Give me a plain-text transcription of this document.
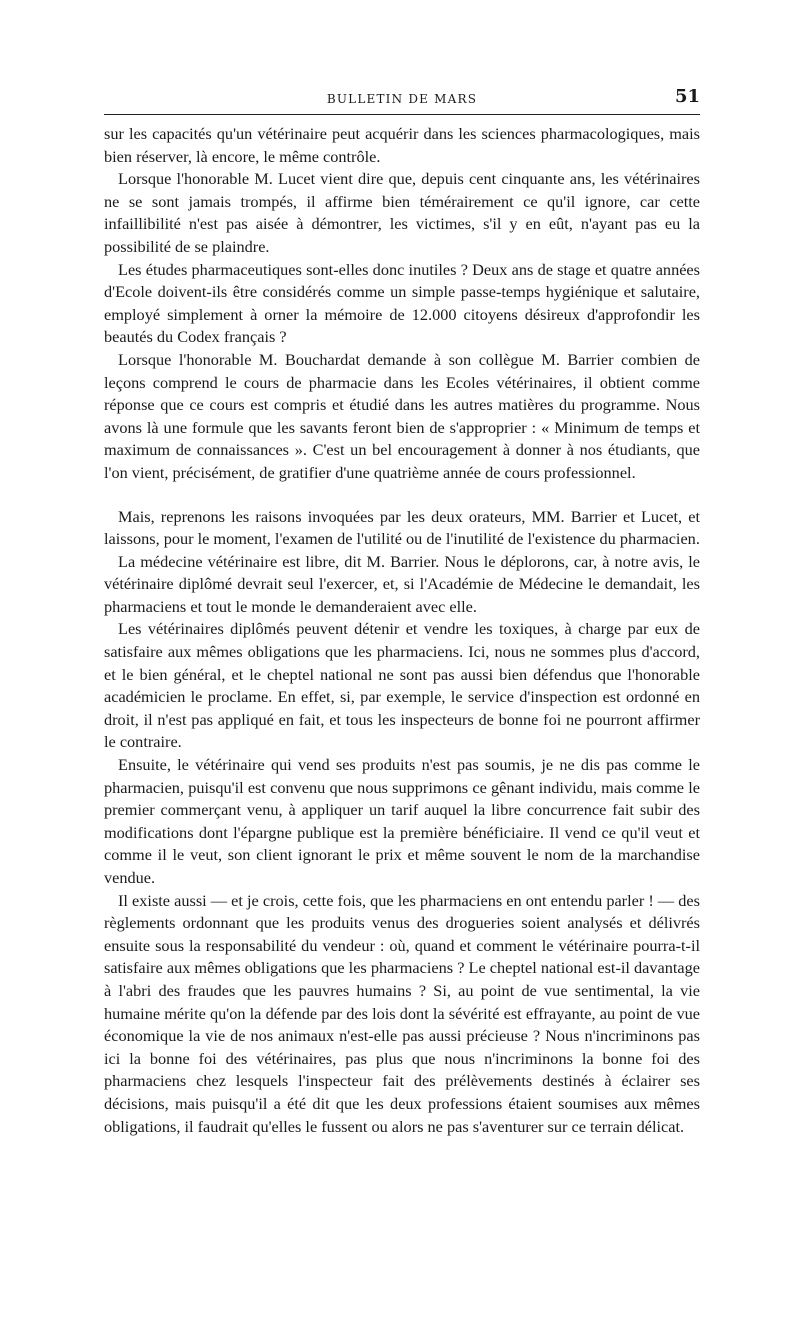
BULLETIN DE MARS	51

sur les capacités qu'un vétérinaire peut acquérir dans les sciences pharmacologiques, mais bien réserver, là encore, le même contrôle.

Lorsque l'honorable M. Lucet vient dire que, depuis cent cinquante ans, les vétérinaires ne se sont jamais trompés, il affirme bien témérairement ce qu'il ignore, car cette infaillibilité n'est pas aisée à démontrer, les victimes, s'il y en eût, n'ayant pas eu la possibilité de se plaindre.

Les études pharmaceutiques sont-elles donc inutiles ? Deux ans de stage et quatre années d'Ecole doivent-ils être considérés comme un simple passe-temps hygiénique et salutaire, employé simplement à orner la mémoire de 12.000 citoyens désireux d'approfondir les beautés du Codex français ?

Lorsque l'honorable M. Bouchardat demande à son collègue M. Barrier combien de leçons comprend le cours de pharmacie dans les Ecoles vétérinaires, il obtient comme réponse que ce cours est compris et étudié dans les autres matières du programme. Nous avons là une formule que les savants feront bien de s'approprier : « Minimum de temps et maximum de connaissances ». C'est un bel encouragement à donner à nos étudiants, que l'on vient, précisément, de gratifier d'une quatrième année de cours professionnel.

Mais, reprenons les raisons invoquées par les deux orateurs, MM. Barrier et Lucet, et laissons, pour le moment, l'examen de l'utilité ou de l'inutilité de l'existence du pharmacien.

La médecine vétérinaire est libre, dit M. Barrier. Nous le déplorons, car, à notre avis, le vétérinaire diplômé devrait seul l'exercer, et, si l'Académie de Médecine le demandait, les pharmaciens et tout le monde le demanderaient avec elle.

Les vétérinaires diplômés peuvent détenir et vendre les toxiques, à charge par eux de satisfaire aux mêmes obligations que les pharmaciens. Ici, nous ne sommes plus d'accord, et le bien général, et le cheptel national ne sont pas aussi bien défendus que l'honorable académicien le proclame. En effet, si, par exemple, le service d'inspection est ordonné en droit, il n'est pas appliqué en fait, et tous les inspecteurs de bonne foi ne pourront affirmer le contraire.

Ensuite, le vétérinaire qui vend ses produits n'est pas soumis, je ne dis pas comme le pharmacien, puisqu'il est convenu que nous supprimons ce gênant individu, mais comme le premier commerçant venu, à appliquer un tarif auquel la libre concurrence fait subir des modifications dont l'épargne publique est la première bénéficiaire. Il vend ce qu'il veut et comme il le veut, son client ignorant le prix et même souvent le nom de la marchandise vendue.

Il existe aussi — et je crois, cette fois, que les pharmaciens en ont entendu parler ! — des règlements ordonnant que les produits venus des drogueries soient analysés et délivrés ensuite sous la responsabilité du vendeur : où, quand et comment le vétérinaire pourra-t-il satisfaire aux mêmes obligations que les pharmaciens ? Le cheptel national est-il davantage à l'abri des fraudes que les pauvres humains ? Si, au point de vue sentimental, la vie humaine mérite qu'on la défende par des lois dont la sévérité est effrayante, au point de vue économique la vie de nos animaux n'est-elle pas aussi précieuse ? Nous n'incriminons pas ici la bonne foi des vétérinaires, pas plus que nous n'incriminons la bonne foi des pharmaciens chez lesquels l'inspecteur fait des prélèvements destinés à éclairer ses décisions, mais puisqu'il a été dit que les deux professions étaient soumises aux mêmes obligations, il faudrait qu'elles le fussent ou alors ne pas s'aventurer sur ce terrain délicat.
